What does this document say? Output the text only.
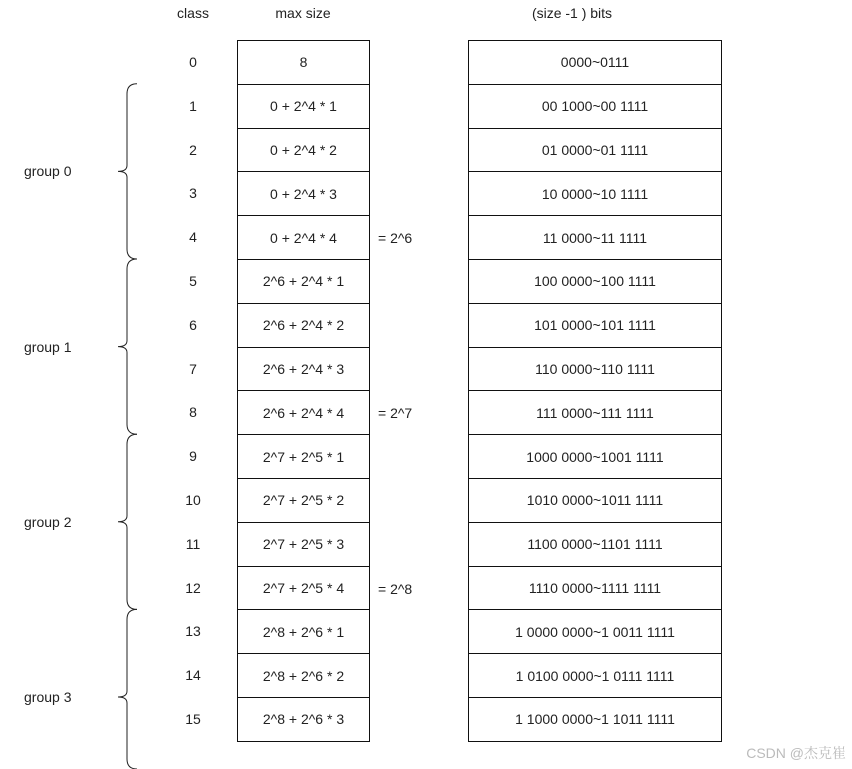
class	max size	(size -1 ) bits
0	8	0000~0111
1	0 + 2^4 * 1	00 1000~00 1111
2	0 + 2^4 * 2	01 0000~01 1111
3	0 + 2^4 * 3	10 0000~10 1111
4	0 + 2^4 * 4	11 0000~11 1111
= 2^6
5	2^6 + 2^4 * 1	100 0000~100 1111
6	2^6 + 2^4 * 2	101 0000~101 1111
7	2^6 + 2^4 * 3	110 0000~110 1111
8	2^6 + 2^4 * 4	111 0000~111 1111
= 2^7
9	2^7 + 2^5 * 1	1000 0000~1001 1111
10	2^7 + 2^5 * 2	1010 0000~1011 1111
11	2^7 + 2^5 * 3	1100 0000~1101 1111
12	2^7 + 2^5 * 4	1110 0000~1111 1111
= 2^8
13	2^8 + 2^6 * 1	1 0000 0000~1 0011 1111
14	2^8 + 2^6 * 2	1 0100 0000~1 0111 1111
15	2^8 + 2^6 * 3	1 1000 0000~1 1011 1111
group 0
group 1
group 2
group 3
CSDN @杰克崔
